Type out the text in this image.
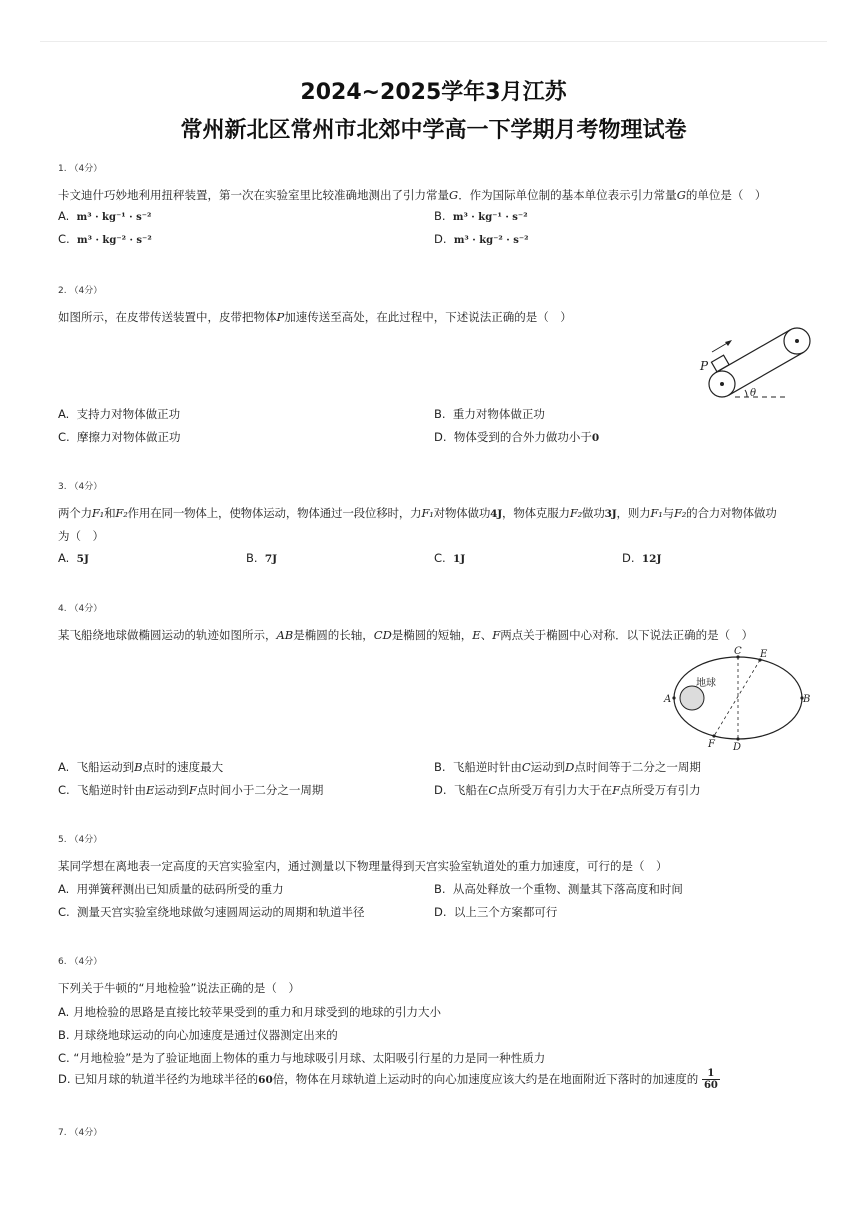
2024~2025学年3月江苏
常州新北区常州市北郊中学高一下学期月考物理试卷
1. （4分）
卡文迪什巧妙地利用扭秤装置，第一次在实验室里比较准确地测出了引力常量G．作为国际单位制的基本单位表示引力常量G的单位是（　）
A. m³ · kg⁻¹ · s⁻²	B. m³ · kg⁻¹ · s⁻²
C. m³ · kg⁻² · s⁻²	D. m³ · kg⁻² · s⁻²
2. （4分）
如图所示，在皮带传送装置中，皮带把物体P加速传送至高处，在此过程中，下述说法正确的是（　）
P
θ
A. 支持力对物体做正功	B. 重力对物体做正功
C. 摩擦力对物体做正功	D. 物体受到的合外力做功小于0
3. （4分）
两个力F₁和F₂作用在同一物体上，使物体运动，物体通过一段位移时，力F₁对物体做功4J，物体克服力F₂做功3J，则力F₁与F₂的合力对物体做功
为（　）
A. 5J	B. 7J	C. 1J	D. 12J
4. （4分）
某飞船绕地球做椭圆运动的轨迹如图所示，AB是椭圆的长轴，CD是椭圆的短轴，E、F两点关于椭圆中心对称．以下说法正确的是（　）
地球
A	B
C
D
E
F
A. 飞船运动到B点时的速度最大	B. 飞船逆时针由C运动到D点时间等于二分之一周期
C. 飞船逆时针由E运动到F点时间小于二分之一周期	D. 飞船在C点所受万有引力大于在F点所受万有引力
5. （4分）
某同学想在离地表一定高度的天宫实验室内，通过测量以下物理量得到天宫实验室轨道处的重力加速度，可行的是（　）
A. 用弹簧秤测出已知质量的砝码所受的重力	B. 从高处释放一个重物、测量其下落高度和时间
C. 测量天宫实验室绕地球做匀速圆周运动的周期和轨道半径	D. 以上三个方案都可行
6. （4分）
下列关于牛顿的“月地检验”说法正确的是（　）
A. 月地检验的思路是直接比较苹果受到的重力和月球受到的地球的引力大小
B. 月球绕地球运动的向心加速度是通过仪器测定出来的
C. “月地检验”是为了验证地面上物体的重力与地球吸引月球、太阳吸引行星的力是同一种性质力
D. 已知月球的轨道半径约为地球半径的60倍，物体在月球轨道上运动时的向心加速度应该大约是在地面附近下落时的加速度的 $\frac{1}{60}$
7. （4分）
